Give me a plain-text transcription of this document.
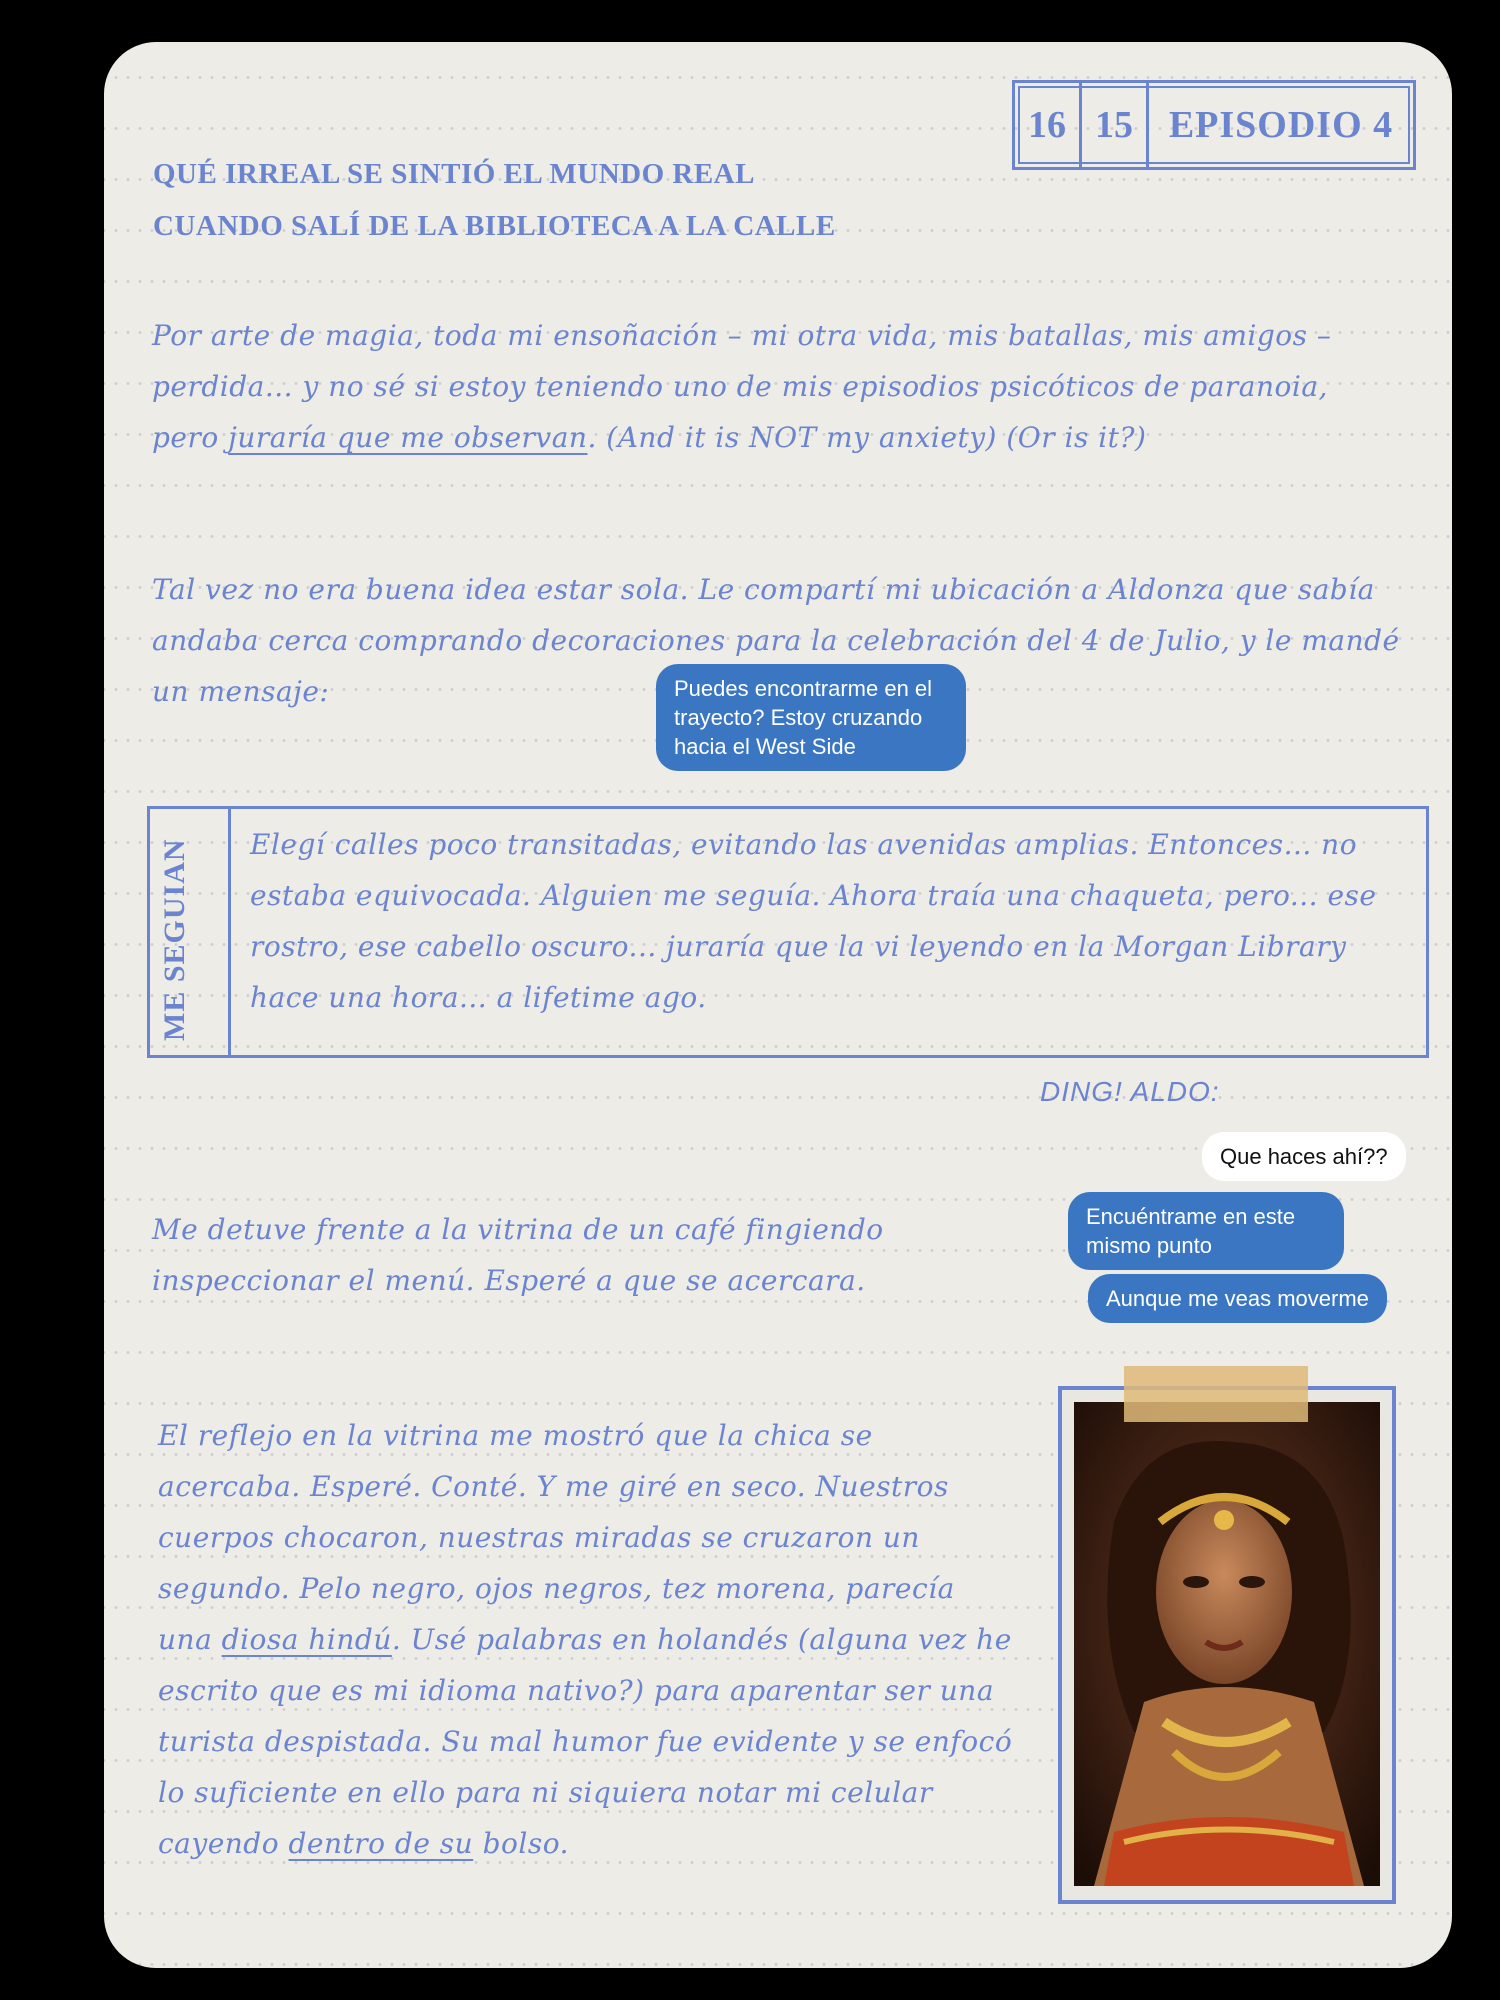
16 15 EPISODIO 4
QUÉ IRREAL SE SINTIÓ EL MUNDO REAL
CUANDO SALÍ DE LA BIBLIOTECA A LA CALLE

Por arte de magia, toda mi ensoñación – mi otra vida, mis batallas, mis amigos – perdida... y no sé si estoy teniendo uno de mis episodios psicóticos de paranoia, pero juraría que me observan. (And it is NOT my anxiety) (Or is it?)

Tal vez no era buena idea estar sola. Le compartí mi ubicación a Aldonza que sabía andaba cerca comprando decoraciones para la celebración del 4 de Julio, y le mandé un mensaje:	Puedes encontrarme en el trayecto? Estoy cruzando hacia el West Side
ME SEGUIAN Elegí calles poco transitadas, evitando las avenidas amplias. Entonces... no estaba equivocada. Alguien me seguía. Ahora traía una chaqueta, pero... ese rostro, ese cabello oscuro... juraría que la vi leyendo en la Morgan Library hace una hora... a lifetime ago.

DING! ALDO:
Que haces ahí??
Encuéntrame en este mismo punto
Aunque me veas moverme

Me detuve frente a la vitrina de un café fingiendo inspeccionar el menú. Esperé a que se acercara.

El reflejo en la vitrina me mostró que la chica se acercaba. Esperé. Conté. Y me giré en seco. Nuestros cuerpos chocaron, nuestras miradas se cruzaron un segundo. Pelo negro, ojos negros, tez morena, parecía una diosa hindú. Usé palabras en holandés (alguna vez he escrito que es mi idioma nativo?) para aparentar ser una turista despistada. Su mal humor fue evidente y se enfocó lo suficiente en ello para ni siquiera notar mi celular cayendo dentro de su bolso.
